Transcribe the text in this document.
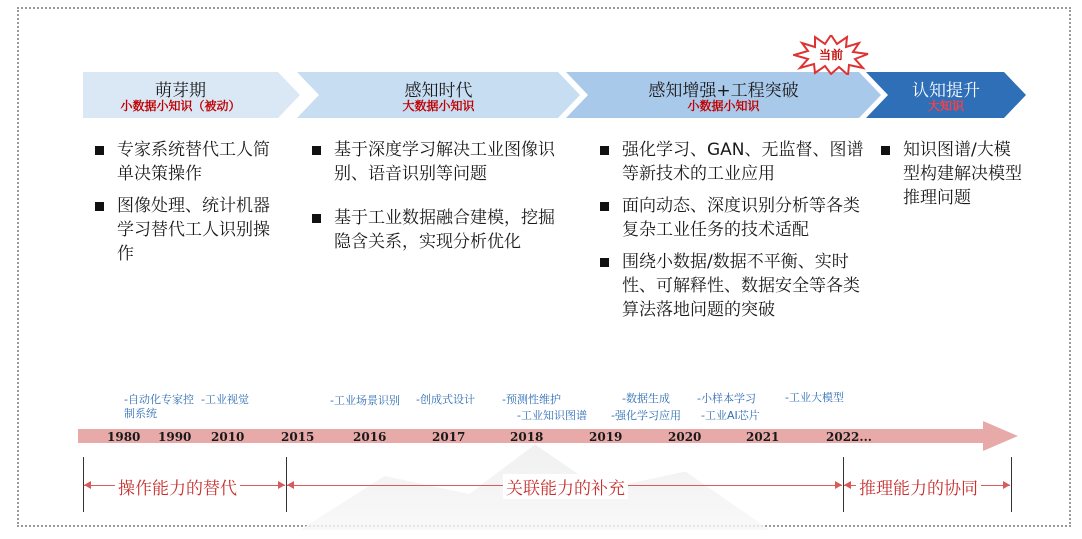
萌芽期
小数据小知识（被动）
感知时代
大数据小知识
感知增强+工程突破
小数据小知识
认知提升
大知识
当前
专家系统替代工人简单决策操作
图像处理、统计机器学习替代工人识别操作
基于深度学习解决工业图像识别、语音识别等问题
基于工业数据融合建模，挖掘隐含关系，实现分析优化
强化学习、GAN、无监督、图谱等新技术的工业应用
面向动态、深度识别分析等各类复杂工业任务的技术适配
围绕小数据/数据不平衡、实时性、可解释性、数据安全等各类算法落地问题的突破
知识图谱/大模型构建解决模型推理问题
-自动化专家控制系统
-工业视觉	-工业场景识别 -创成式设计 -预测性维护
-工业知识图谱
-数据生成
-强化学习应用
-小样本学习
-工业AI芯片
-工业大模型
1980 1990 2010	2015	2016	2017	2018	2019	2020	2021	2022...
操作能力的替代	关联能力的补充	推理能力的协同
